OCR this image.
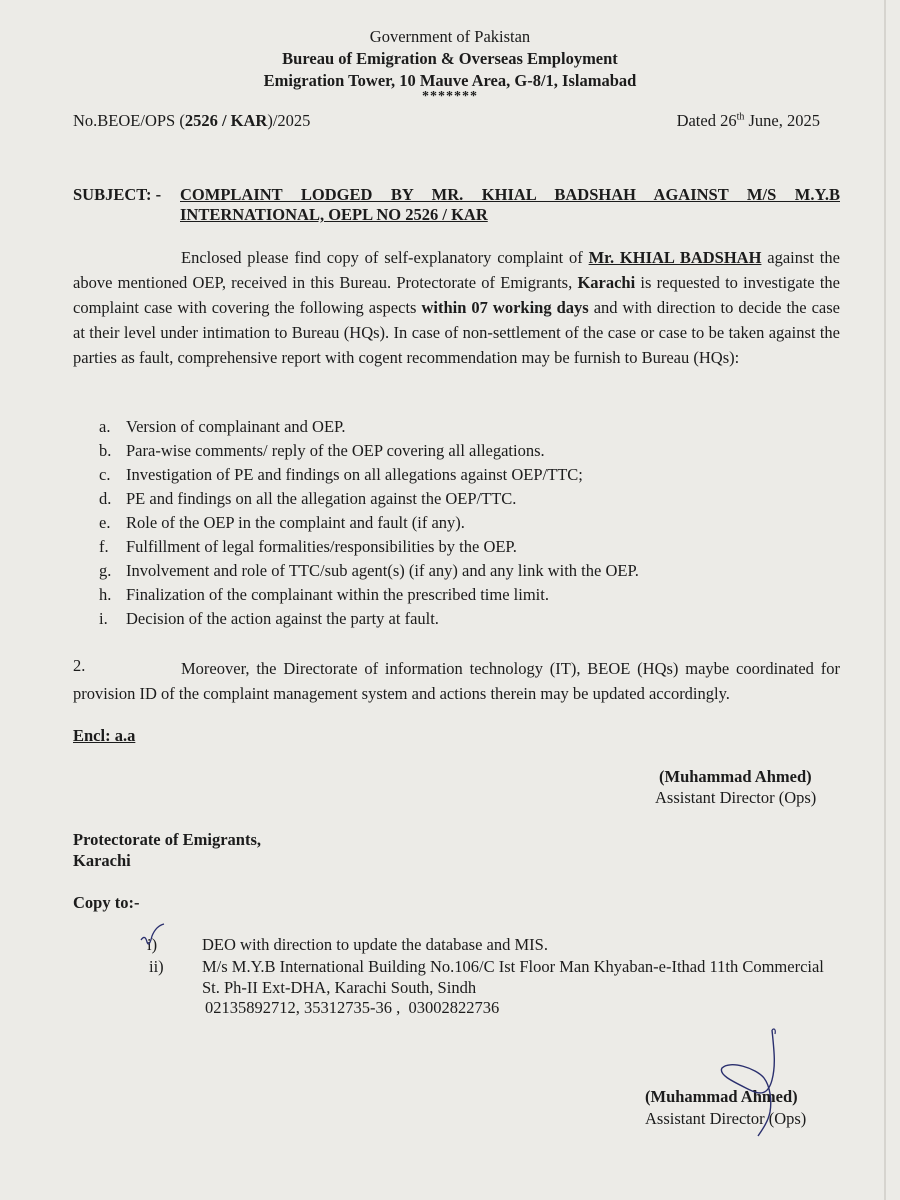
Government of Pakistan
Bureau of Emigration & Overseas Employment
Emigration Tower, 10 Mauve Area, G-8/1, Islamabad
*******
No.BEOE/OPS (2526 / KAR)/2025	Dated 26th June, 2025
SUBJECT: - COMPLAINT LODGED BY MR. KHIAL BADSHAH AGAINST M/S M.Y.B
INTERNATIONAL, OEPL NO 2526 / KAR
Enclosed please find copy of self-explanatory complaint of Mr. KHIAL BADSHAH against the above mentioned OEP, received in this Bureau. Protectorate of Emigrants, Karachi is requested to investigate the complaint case with covering the following aspects within 07 working days and with direction to decide the case at their level under intimation to Bureau (HQs). In case of non-settlement of the case or case to be taken against the parties as fault, comprehensive report with cogent recommendation may be furnish to Bureau (HQs):
a. Version of complainant and OEP.
b. Para-wise comments/ reply of the OEP covering all allegations.
c. Investigation of PE and findings on all allegations against OEP/TTC;
d. PE and findings on all the allegation against the OEP/TTC.
e. Role of the OEP in the complaint and fault (if any).
f.	Fulfillment of legal formalities/responsibilities by the OEP.
g. Involvement and role of TTC/sub agent(s) (if any) and any link with the OEP.
h. Finalization of the complainant within the prescribed time limit.
i.	Decision of the action against the party at fault.
2.	Moreover, the Directorate of information technology (IT), BEOE (HQs) maybe coordinated for provision ID of the complaint management system and actions therein may be updated accordingly.
Encl: a.a
(Muhammad Ahmed)
Assistant Director (Ops)
Protectorate of Emigrants,
Karachi
Copy to:-
i)	DEO with direction to update the database and MIS.
ii) M/s M.Y.B International Building No.106/C Ist Floor Man Khyaban-e-Ithad 11th Commercial St. Ph-II Ext-DHA, Karachi South, Sindh
02135892712, 35312735-36 ,  03002822736
(Muhammad Ahmed)
Assistant Director (Ops)
